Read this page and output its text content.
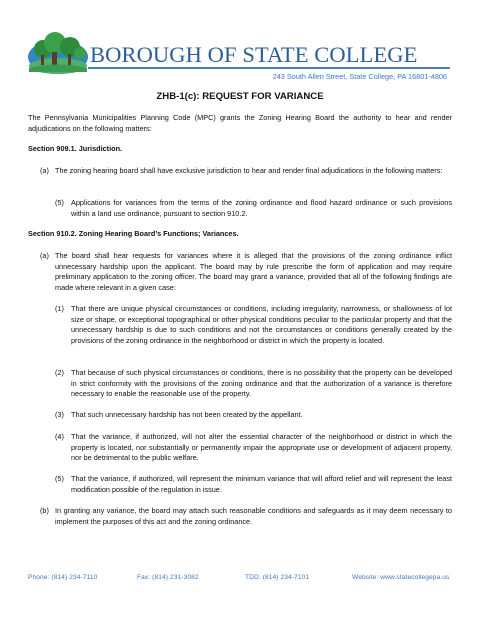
BOROUGH OF STATE COLLEGE
243 South Allen Street, State College, PA 16801-4806
ZHB-1(c): REQUEST FOR VARIANCE

The Pennsylvania Municipalities Planning Code (MPC) grants the Zoning Hearing Board the authority to hear and render adjudications on the following matters:

Section 909.1. Jurisdiction.

(a) The zoning hearing board shall have exclusive jurisdiction to hear and render final adjudications in the following matters:

(5) Applications for variances from the terms of the zoning ordinance and flood hazard ordinance or such provisions within a land use ordinance, pursuant to section 910.2.

Section 910.2. Zoning Hearing Board’s Functions; Variances.

(a) The board shall hear requests for variances where it is alleged that the provisions of the zoning ordinance inflict unnecessary hardship upon the applicant. The board may by rule prescribe the form of application and may require preliminary application to the zoning officer. The board may grant a variance, provided that all of the following findings are made where relevant in a given case:

(1) That there are unique physical circumstances or conditions, including irregularity, narrowness, or shallowness of lot size or shape, or exceptional topographical or other physical conditions peculiar to the particular property and that the unnecessary hardship is due to such conditions and not the circumstances or conditions generally created by the provisions of the zoning ordinance in the neighborhood or district in which the property is located.

(2) That because of such physical circumstances or conditions, there is no possibility that the property can be developed in strict conformity with the provisions of the zoning ordinance and that the authorization of a variance is therefore necessary to enable the reasonable use of the property.

(3) That such unnecessary hardship has not been created by the appellant.

(4) That the variance, if authorized, will not alter the essential character of the neighborhood or district in which the property is located, nor substantially or permanently impair the appropriate use or development of adjacent property, nor be detrimental to the public welfare.

(5) That the variance, if authorized, will represent the minimum variance that will afford relief and will represent the least modification possible of the regulation in issue.

(b) In granting any variance, the board may attach such reasonable conditions and safeguards as it may deem necessary to implement the purposes of this act and the zoning ordinance.

Phone: (814) 234-7110	Fax: (814) 231-3082	TDD: (814) 234-7101	Website: www.statecollegepa.us
